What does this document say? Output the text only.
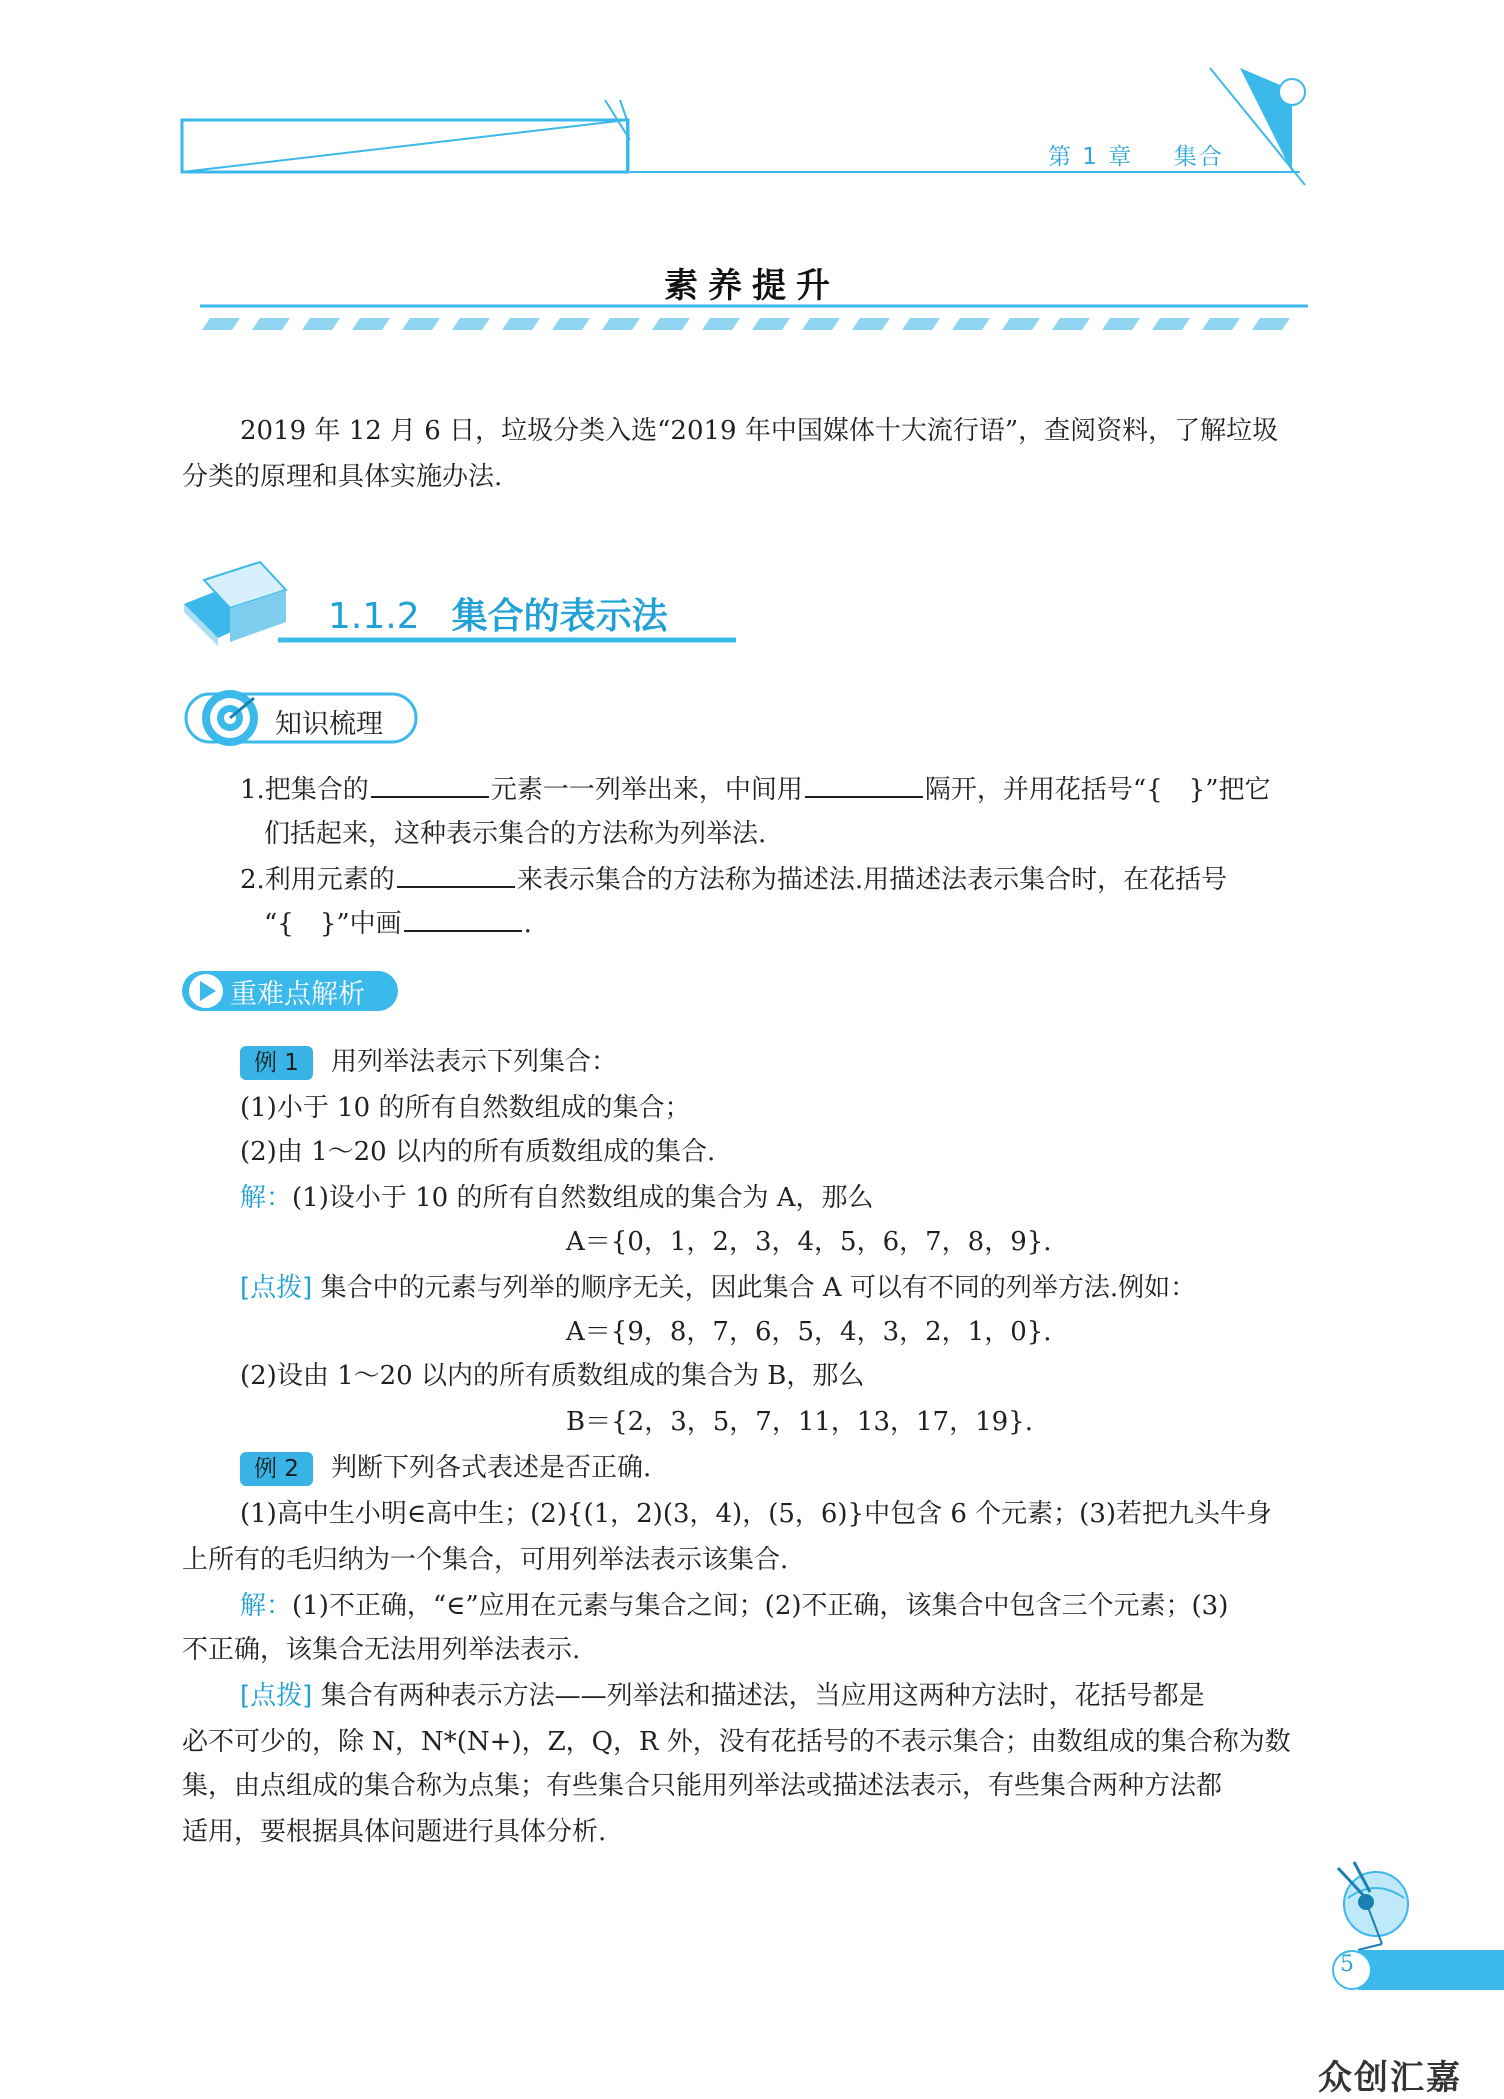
第 1 章 集合
素养提升
2019 年 12 月 6 日，垃圾分类入选“2019 年中国媒体十大流行语”，查阅资料，了解垃圾
分类的原理和具体实施办法.
1.1.2 集合的表示法
知识梳理
1.把集合的	元素一一列举出来，中间用	隔开，并用花括号“{　}”把它
们括起来，这种表示集合的方法称为列举法.
2.利用元素的	来表示集合的方法称为描述法.用描述法表示集合时，在花括号
“{　}”中画	.
重难点解析
例 1 用列举法表示下列集合：
(1)小于 10 的所有自然数组成的集合；
(2)由 1～20 以内的所有质数组成的集合.
解：(1)设小于 10 的所有自然数组成的集合为 A，那么
A＝{0，1，2，3，4，5，6，7，8，9}.
[点拨] 集合中的元素与列举的顺序无关，因此集合 A 可以有不同的列举方法.例如：
A＝{9，8，7，6，5，4，3，2，1，0}.
(2)设由 1～20 以内的所有质数组成的集合为 B，那么
B＝{2，3，5，7，11，13，17，19}.
例 2 判断下列各式表述是否正确.
(1)高中生小明∈高中生；(2){(1，2)(3，4)，(5，6)}中包含 6 个元素；(3)若把九头牛身
上所有的毛归纳为一个集合，可用列举法表示该集合.
解：(1)不正确，“∈”应用在元素与集合之间；(2)不正确，该集合中包含三个元素；(3)
不正确，该集合无法用列举法表示.
[点拨] 集合有两种表示方法——列举法和描述法，当应用这两种方法时，花括号都是
必不可少的，除 N，N*(N+)，Z，Q，R 外，没有花括号的不表示集合；由数组成的集合称为数
集，由点组成的集合称为点集；有些集合只能用列举法或描述法表示，有些集合两种方法都
适用，要根据具体问题进行具体分析.
5
众创汇嘉
